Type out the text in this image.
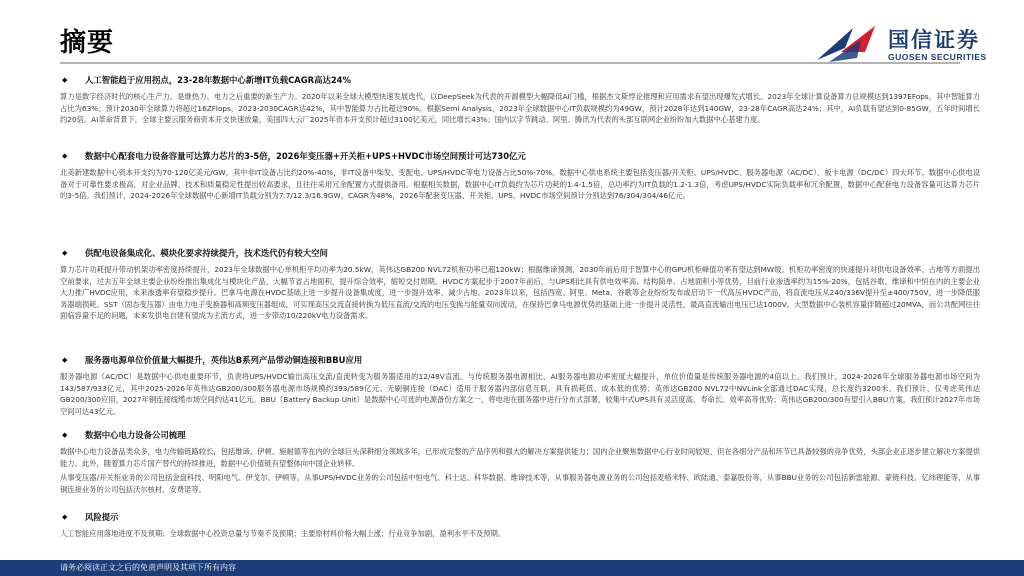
摘要	国信证券
GUOSEN SECURITIES
◆	人工智能趋于应用拐点，23-28年数据中心新增IT负载CAGR高达24%

算力是数字经济时代的核心生产力，是继热力、电力之后重要的新生产力。2020年以来全球大模型快速发展迭代，以DeepSeek为代表的开源模型大幅降低AI门槛，根据杰文斯悖论推理和应用需求有望出现爆发式增长。2023年全球计算设备算力总规模达到1397EFops，其中智能算力占比为63%；预计2030年全球算力将超过16ZFlops，2023-2030CAGR达42%，其中智能算力占比超过90%。根据Semi Analysis，2023年全球数据中心IT负载规模约为49GW，预计2028年达到140GW，23-28年CAGR高达24%；其中，AI负载有望达到0-85GW，五年时间增长约20倍。AI革命背景下，全球主要云服务商资本开支快速放量，美国四大云厂2025年资本开支预计超过3100亿美元，同比增长43%；国内以字节跳动、阿里、腾讯为代表的头部互联网企业纷纷加大数据中心基建力度。

◆	数据中心配套电力设备容量可达算力芯片的3-5倍，2026年变压器+开关柜+UPS+HVDC市场空间预计可达730亿元

北美新建数据中心资本开支约为70-120亿美元/GW，其中非IT设备占比约20%-40%，非IT设备中柴发、变配电、UPS/HVDC等电力设备占比50%-70%。数据中心供电系统主要包括变压器/开关柜、UPS/HVDC、服务器电源（AC/DC）、板卡电源（DC/DC）四大环节。数据中心供电设备对于可靠性要求极高，对企业品牌、技术和质量稳定性提出较高要求，且往往采用冗余配置方式提供备用。根据相关数据，数据中心IT负载约为芯片功耗的1.4-1.5倍，总功率约为IT负载的1.2-1.3倍，考虑UPS/HVDC实际负载率和冗余配置，数据中心配套电力设备容量可达算力芯片的3-5倍。我们预计，2024-2026年全球数据中心新增IT负载分别为7.7/12.3/16.9GW，CAGR为48%，2026年配套变压器、开关柜、UPS、HVDC市场空间预计分别达到76/304/304/46亿元。

◆	供配电设备集成化、模块化要求持续提升，技术迭代仍有较大空间

算力芯片功耗提升带动机架功率密度持续提升，2023年全球数据中心单机柜平均功率为20.5kW，英伟达GB200 NVL72机柜功率已超120kW；根据维谛预测，2030年前后用于智算中心的GPU机柜峰值功率有望达到MW级。机柜功率密度的快速提升对供电设备效率、占地等方面提出空前要求，过去五年全球主要企业纷纷推出集成化与模块化产品，大幅节省占地面积，提升综合效率，缩短交付周期。HVDC方案起步于2007年前后，与UPS相比具有供电效率高、结构简单、占地面积小等优势，目前行业渗透率约为15%-20%，包括谷歌、维谛和中恒在内的主要企业大力推广HVDC应用，未来渗透率有望稳步提升。巴拿马电源在HVDC基础上进一步提升设备集成度，进一步提升效率、减少占地。2023年以来，包括西宽、阿里、Meta、谷歌等企业纷纷发布或启动下一代高压HVDC产品，将直流电压从240/336V提升至±400/750V，进一步降低服务器端损耗。SST（固态变压器）由电力电子变换器和高频变压器组成，可实现高压交流直接转换为低压直流/交流的电压变换与能量双向流动，在保持巴拿马电源优势的基础上进一步提升灵活性，最高直流输出电压已达1000V。大型数据中心装机容量伴随超过20MVA，而公共配网往往面临容量不足的问题，未来发供电自建有望成为主流方式，进一步带动10/220kV电力设备需求。

◆	服务器电源单位价值量大幅提升，英伟达B系列产品带动铜连接和BBU应用

服务器电源（AC/DC）是数据中心供电重要环节，负责将UPS/HVDC输出高压交流/直流转变为服务器适用的12/48V直流。与传统服务器电源相比，AI服务器电源功率密度大幅提升，单位价值量是传统服务器电源的4倍以上。我们预计，2024-2026年全球服务器电源市场空间为143/587/933亿元，其中2025-2026年英伟达GB200/300服务器电源市场规模约393/589亿元。无刷铜连接（DAC）适用于服务器内部信息互联，具有损耗低、成本低的优势；英伟达GB200 NVL72中NVLink全部通过DAC实现，总长度约3200米。我们预计，仅考虑英伟达GB200/300应用，2027年铜连接线缆市场空间约达41亿元。BBU（Battery Backup Unit）是数据中心可选的电源备份方案之一，将电池在服务器中进行分布式部署，较集中式UPS具有灵活度高、寿命长、效率高等优势；英伟达GB200/300有望引入BBU方案，我们预计2027年市场空间可达43亿元。

◆	数据中心电力设备公司梳理

数据中心电力设备品类众多，电力传输链路较长，包括维谛、伊顿、施耐德等在内的全球巨头深耕细分领域多年，已形成完整的产品序列和强大的解决方案提供能力；国内企业聚焦数据中心行业时间较短，但在各细分产品和环节已具备较强的竞争优势，头部企业正逐步建立解决方案提供能力。此外，随着算力芯片国产替代的持续推进，数据中心价值链有望整体向中国企业转移。

从事变压器/开关柜业务的公司包括金盘科技、明阳电气、伊戈尔、伊顿等，从事UPS/HVDC业务的公司包括中恒电气、科士达、科华数据、维谛技术等，从事服务器电源业务的公司包括麦格米特、欧陆通、泰嘉股份等，从事BBU业务的公司包括新雷能源、蒙链科技、亿纬锂能等，从事铜连接业务的公司包括沃尔核材、安费诺等。

◆	风险提示

人工智能应用落地进度不及预期；全球数据中心投资总量与节奏不及预期；主要原材料价格大幅上涨；行业竞争加剧，盈利水平不及预期。

请务必阅读正文之后的免责声明及其项下所有内容
